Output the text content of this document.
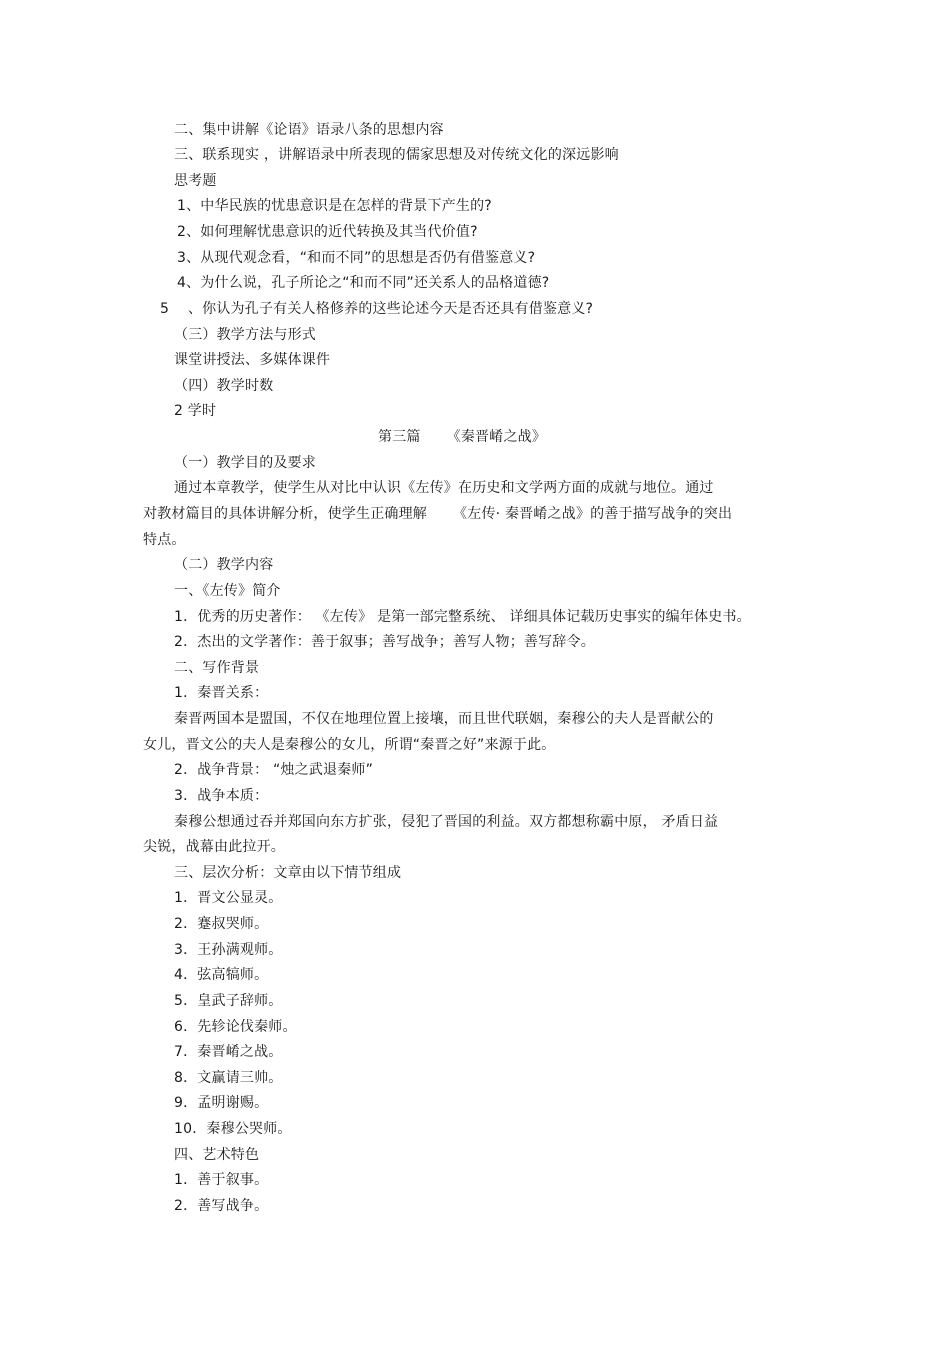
二、集中讲解《论语》语录八条的思想内容
三、联系现实 ，讲解语录中所表现的儒家思想及对传统文化的深远影响
思考题
1、中华民族的忧患意识是在怎样的背景下产生的?
2、如何理解忧患意识的近代转换及其当代价值?
3、从现代观念看，“和而不同”的思想是否仍有借鉴意义?
4、为什么说，孔子所论之“和而不同”还关系人的品格道德?
5 　、你认为孔子有关人格修养的这些论述今天是否还具有借鉴意义?
（三）教学方法与形式
课堂讲授法、多媒体课件
（四）教学时数
2 学时
第三篇 　　《秦晋崤之战》
（一）教学目的及要求
通过本章教学，使学生从对比中认识《左传》在历史和文学两方面的成就与地位。通过
对教材篇目的具体讲解分析，使学生正确理解 　　《左传· 秦晋崤之战》的善于描写战争的突出
特点。
（二）教学内容
一、《左传》简介
1．优秀的历史著作： 《左传》 是第一部完整系统、 详细具体记载历史事实的编年体史书。
2．杰出的文学著作：善于叙事；善写战争；善写人物；善写辞令。
二、写作背景
1．秦晋关系：
秦晋两国本是盟国，不仅在地理位置上接壤，而且世代联姻，秦穆公的夫人是晋献公的
女儿，晋文公的夫人是秦穆公的女儿，所谓“秦晋之好”来源于此。
2．战争背景： “烛之武退秦师”
3．战争本质：
秦穆公想通过吞并郑国向东方扩张，侵犯了晋国的利益。双方都想称霸中原， 矛盾日益
尖锐，战幕由此拉开。
三、层次分析：文章由以下情节组成
1．晋文公显灵。
2．蹇叔哭师。
3．王孙满观师。
4．弦高犒师。
5．皇武子辞师。
6．先轸论伐秦师。
7．秦晋崤之战。
8．文赢请三帅。
9．孟明谢赐。
10．秦穆公哭师。
四、艺术特色
1．善于叙事。
2．善写战争。
